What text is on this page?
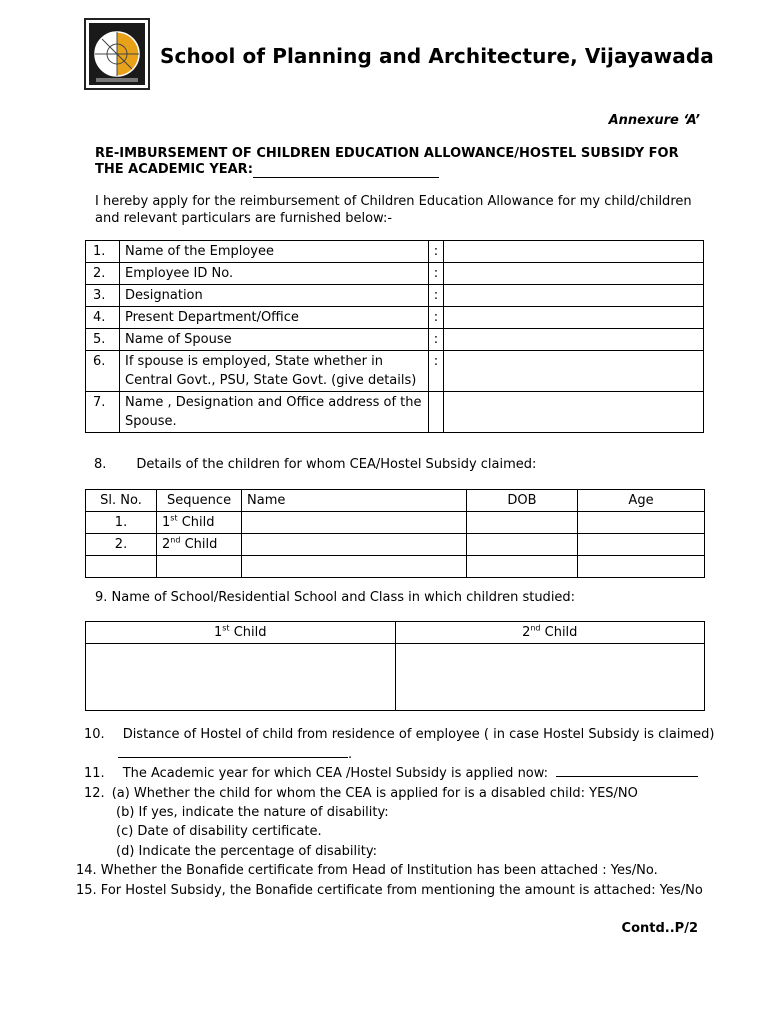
School of Planning and Architecture, Vijayawada
Annexure ‘A’
RE-IMBURSEMENT OF CHILDREN EDUCATION ALLOWANCE/HOSTEL SUBSIDY FOR
THE ACADEMIC YEAR:
I hereby apply for the reimbursement of Children Education Allowance for my child/children and relevant particulars are furnished below:-
1.	Name of the Employee	:	
2.	Employee ID No.	:	
3.	Designation	:	
4.	Present Department/Office	:	
5.	Name of Spouse	:	
6.	If spouse is employed, State whether in Central Govt., PSU, State Govt. (give details)	:	
7.	Name , Designation and Office address of the Spouse.		
8. Details of the children for whom CEA/Hostel Subsidy claimed:
Sl. No.	Sequence	Name	DOB	Age
1.	1st Child			
2.	2nd Child			

9. Name of School/Residential School and Class in which children studied:
1st Child	2nd Child

10. Distance of Hostel of child from residence of employee ( in case Hostel Subsidy is claimed)
.
11. The Academic year for which CEA /Hostel Subsidy is applied now:
12. (a) Whether the child for whom the CEA is applied for is a disabled child: YES/NO
(b) If yes, indicate the nature of disability:
(c) Date of disability certificate.
(d) Indicate the percentage of disability:
14. Whether the Bonafide certificate from Head of Institution has been attached : Yes/No.
15. For Hostel Subsidy, the Bonafide certificate from mentioning the amount is attached: Yes/No
Contd..P/2
